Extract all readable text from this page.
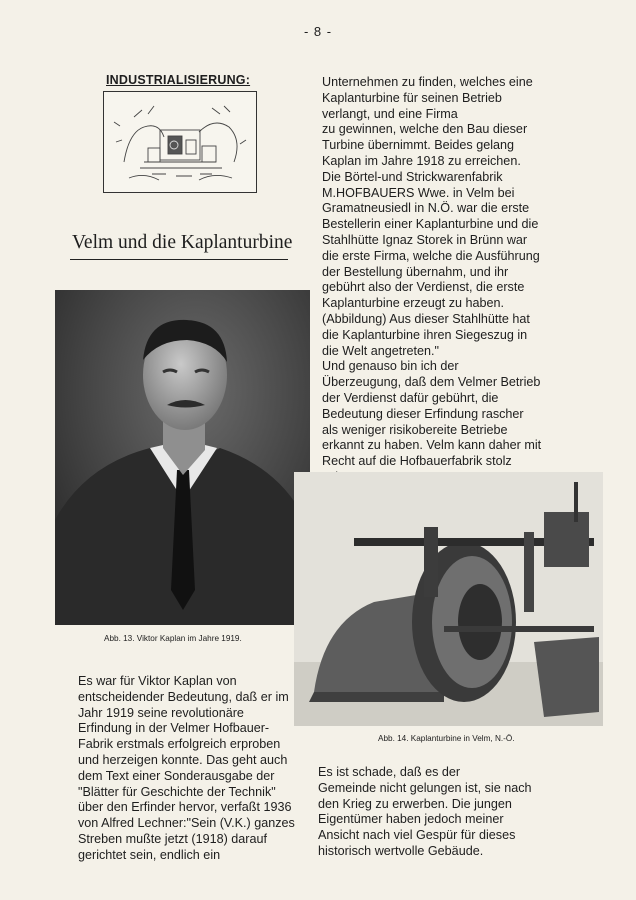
- 8 -
INDUSTRIALISIERUNG:
Velm und die Kaplanturbine
Unternehmen zu finden, welches eine
Kaplanturbine für seinen Betrieb
verlangt, und eine Firma
zu gewinnen, welche den Bau dieser
Turbine übernimmt. Beides gelang
Kaplan im Jahre 1918 zu erreichen.
Die Börtel-und Strickwarenfabrik
M.HOFBAUERS Wwe. in Velm bei
Gramatneusiedl in N.Ö. war die erste
Bestellerin einer Kaplanturbine und die
Stahlhütte Ignaz Storek in Brünn war
die erste Firma, welche die Ausführung
der Bestellung übernahm, und ihr
gebührt also der Verdienst, die erste
Kaplanturbine erzeugt zu haben.
(Abbildung) Aus dieser Stahlhütte hat
die Kaplanturbine ihren Siegeszug in
die Welt angetreten."
Und genauso bin ich der
Überzeugung, daß dem Velmer Betrieb
der Verdienst dafür gebührt, die
Bedeutung dieser Erfindung rascher
als weniger risikobereite Betriebe
erkannt zu haben. Velm kann daher mit
Recht auf die Hofbauerfabrik stolz
Abb. 13. Viktor Kaplan im Jahre 1919.
Abb. 14. Kaplanturbine in Velm, N.-Ö.
Es war für Viktor Kaplan von
entscheidender Bedeutung, daß er im
Jahr 1919 seine revolutionäre
Erfindung in der Velmer Hofbauer-
Fabrik erstmals erfolgreich erproben
und herzeigen konnte. Das geht auch
dem Text einer Sonderausgabe der
"Blätter für Geschichte der Technik"
über den Erfinder hervor, verfaßt 1936
von Alfred Lechner:"Sein (V.K.) ganzes
Streben mußte jetzt (1918) darauf
gerichtet sein, endlich ein
Es ist schade, daß es der
Gemeinde nicht gelungen ist, sie nach
den Krieg zu erwerben. Die jungen
Eigentümer haben jedoch meiner
Ansicht nach viel Gespür für dieses
historisch wertvolle Gebäude.
